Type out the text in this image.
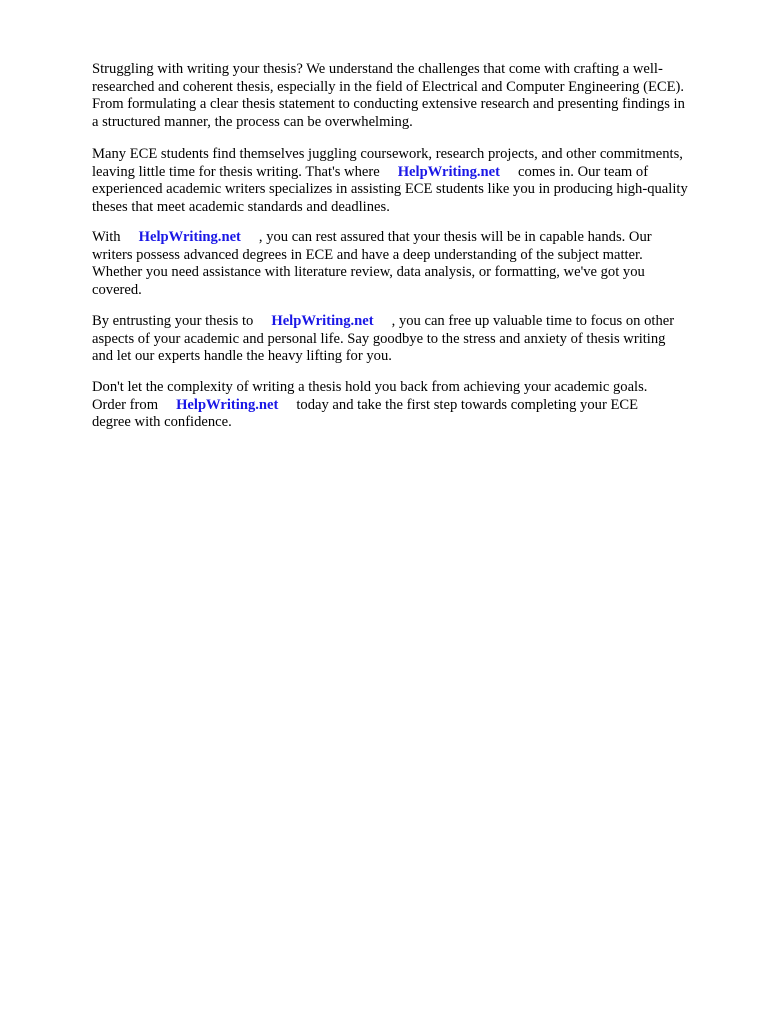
Struggling with writing your thesis? We understand the challenges that come with crafting a well-
researched and coherent thesis, especially in the field of Electrical and Computer Engineering (ECE).
From formulating a clear thesis statement to conducting extensive research and presenting findings in
a structured manner, the process can be overwhelming.

Many ECE students find themselves juggling coursework, research projects, and other commitments,
leaving little time for thesis writing. That's where HelpWriting.net comes in. Our team of
experienced academic writers specializes in assisting ECE students like you in producing high-quality
theses that meet academic standards and deadlines.

With HelpWriting.net , you can rest assured that your thesis will be in capable hands. Our
writers possess advanced degrees in ECE and have a deep understanding of the subject matter.
Whether you need assistance with literature review, data analysis, or formatting, we've got you
covered.

By entrusting your thesis to HelpWriting.net , you can free up valuable time to focus on other
aspects of your academic and personal life. Say goodbye to the stress and anxiety of thesis writing
and let our experts handle the heavy lifting for you.

Don't let the complexity of writing a thesis hold you back from achieving your academic goals.
Order from HelpWriting.net today and take the first step towards completing your ECE
degree with confidence.
